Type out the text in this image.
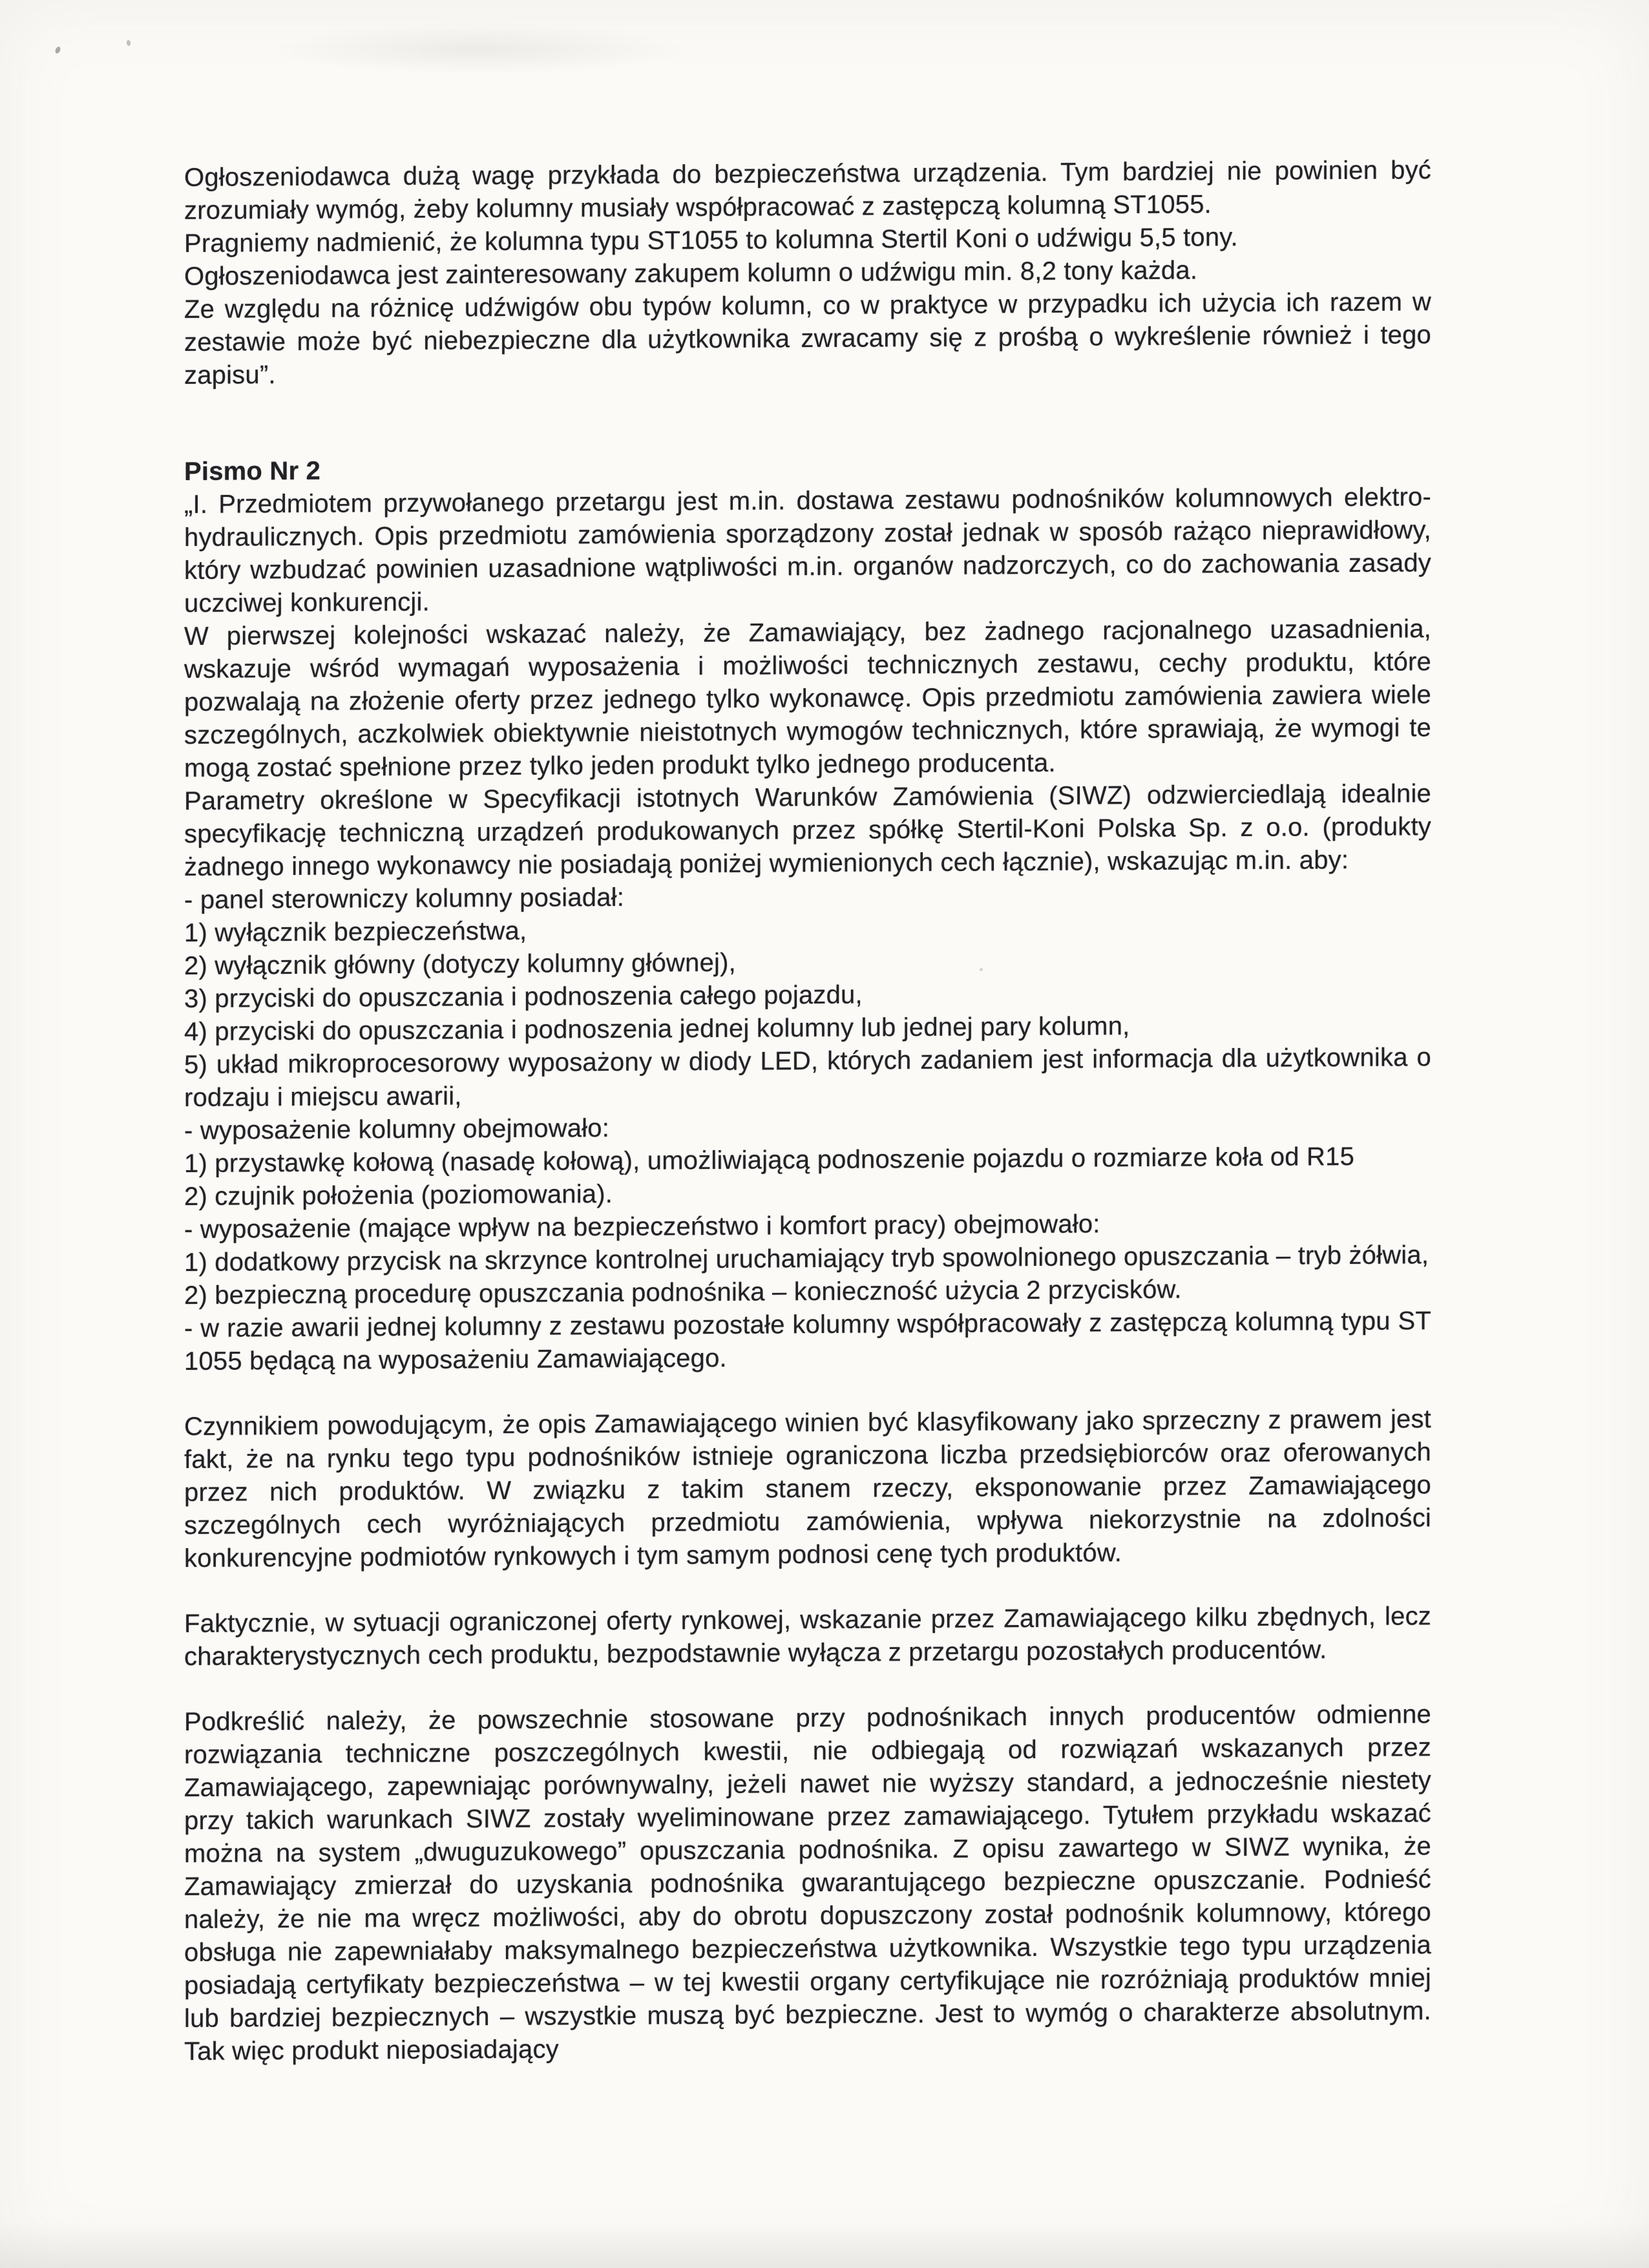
Ogłoszeniodawca dużą wagę przykłada do bezpieczeństwa urządzenia. Tym bardziej nie powinien być zrozumiały wymóg, żeby kolumny musiały współpracować z zastępczą kolumną ST1055.
Pragniemy nadmienić, że kolumna typu ST1055 to kolumna Stertil Koni o udźwigu 5,5 tony.
Ogłoszeniodawca jest zainteresowany zakupem kolumn o udźwigu min. 8,2 tony każda.
Ze względu na różnicę udźwigów obu typów kolumn, co w praktyce w przypadku ich użycia ich razem w zestawie może być niebezpieczne dla użytkownika zwracamy się z prośbą o wykreślenie również i tego zapisu”.
Pismo Nr 2
„I. Przedmiotem przywołanego przetargu jest m.in. dostawa zestawu podnośników kolumnowych elektro-hydraulicznych. Opis przedmiotu zamówienia sporządzony został jednak w sposób rażąco nieprawidłowy, który wzbudzać powinien uzasadnione wątpliwości m.in. organów nadzorczych, co do zachowania zasady uczciwej konkurencji.
W pierwszej kolejności wskazać należy, że Zamawiający, bez żadnego racjonalnego uzasadnienia, wskazuje wśród wymagań wyposażenia i możliwości technicznych zestawu, cechy produktu, które pozwalają na złożenie oferty przez jednego tylko wykonawcę. Opis przedmiotu zamówienia zawiera wiele szczególnych, aczkolwiek obiektywnie nieistotnych wymogów technicznych, które sprawiają, że wymogi te mogą zostać spełnione przez tylko jeden produkt tylko jednego producenta.
Parametry określone w Specyfikacji istotnych Warunków Zamówienia (SIWZ) odzwierciedlają idealnie specyfikację techniczną urządzeń produkowanych przez spółkę Stertil-Koni Polska Sp. z o.o. (produkty żadnego innego wykonawcy nie posiadają poniżej wymienionych cech łącznie), wskazując m.in. aby:
- panel sterowniczy kolumny posiadał:
1) wyłącznik bezpieczeństwa,
2) wyłącznik główny (dotyczy kolumny głównej),
3) przyciski do opuszczania i podnoszenia całego pojazdu,
4) przyciski do opuszczania i podnoszenia jednej kolumny lub jednej pary kolumn,
5) układ mikroprocesorowy wyposażony w diody LED, których zadaniem jest informacja dla użytkownika o rodzaju i miejscu awarii,
- wyposażenie kolumny obejmowało:
1) przystawkę kołową (nasadę kołową), umożliwiającą podnoszenie pojazdu o rozmiarze koła od R15
2) czujnik położenia (poziomowania).
- wyposażenie (mające wpływ na bezpieczeństwo i komfort pracy) obejmowało:
1) dodatkowy przycisk na skrzynce kontrolnej uruchamiający tryb spowolnionego opuszczania – tryb żółwia,
2) bezpieczną procedurę opuszczania podnośnika – konieczność użycia 2 przycisków.
- w razie awarii jednej kolumny z zestawu pozostałe kolumny współpracowały z zastępczą kolumną typu ST 1055 będącą na wyposażeniu Zamawiającego.
Czynnikiem powodującym, że opis Zamawiającego winien być klasyfikowany jako sprzeczny z prawem jest fakt, że na rynku tego typu podnośników istnieje ograniczona liczba przedsiębiorców oraz oferowanych przez nich produktów. W związku z takim stanem rzeczy, eksponowanie przez Zamawiającego szczególnych cech wyróżniających przedmiotu zamówienia, wpływa niekorzystnie na zdolności konkurencyjne podmiotów rynkowych i tym samym podnosi cenę tych produktów.
Faktycznie, w sytuacji ograniczonej oferty rynkowej, wskazanie przez Zamawiającego kilku zbędnych, lecz charakterystycznych cech produktu, bezpodstawnie wyłącza z przetargu pozostałych producentów.
Podkreślić należy, że powszechnie stosowane przy podnośnikach innych producentów odmienne rozwiązania techniczne poszczególnych kwestii, nie odbiegają od rozwiązań wskazanych przez Zamawiającego, zapewniając porównywalny, jeżeli nawet nie wyższy standard, a jednocześnie niestety przy takich warunkach SIWZ zostały wyeliminowane przez zamawiającego. Tytułem przykładu wskazać można na system „dwuguzukowego” opuszczania podnośnika. Z opisu zawartego w SIWZ wynika, że Zamawiający zmierzał do uzyskania podnośnika gwarantującego bezpieczne opuszczanie. Podnieść należy, że nie ma wręcz możliwości, aby do obrotu dopuszczony został podnośnik kolumnowy, którego obsługa nie zapewniałaby maksymalnego bezpieczeństwa użytkownika. Wszystkie tego typu urządzenia posiadają certyfikaty bezpieczeństwa – w tej kwestii organy certyfikujące nie rozróżniają produktów mniej lub bardziej bezpiecznych – wszystkie muszą być bezpieczne. Jest to wymóg o charakterze absolutnym. Tak więc produkt nieposiadający
